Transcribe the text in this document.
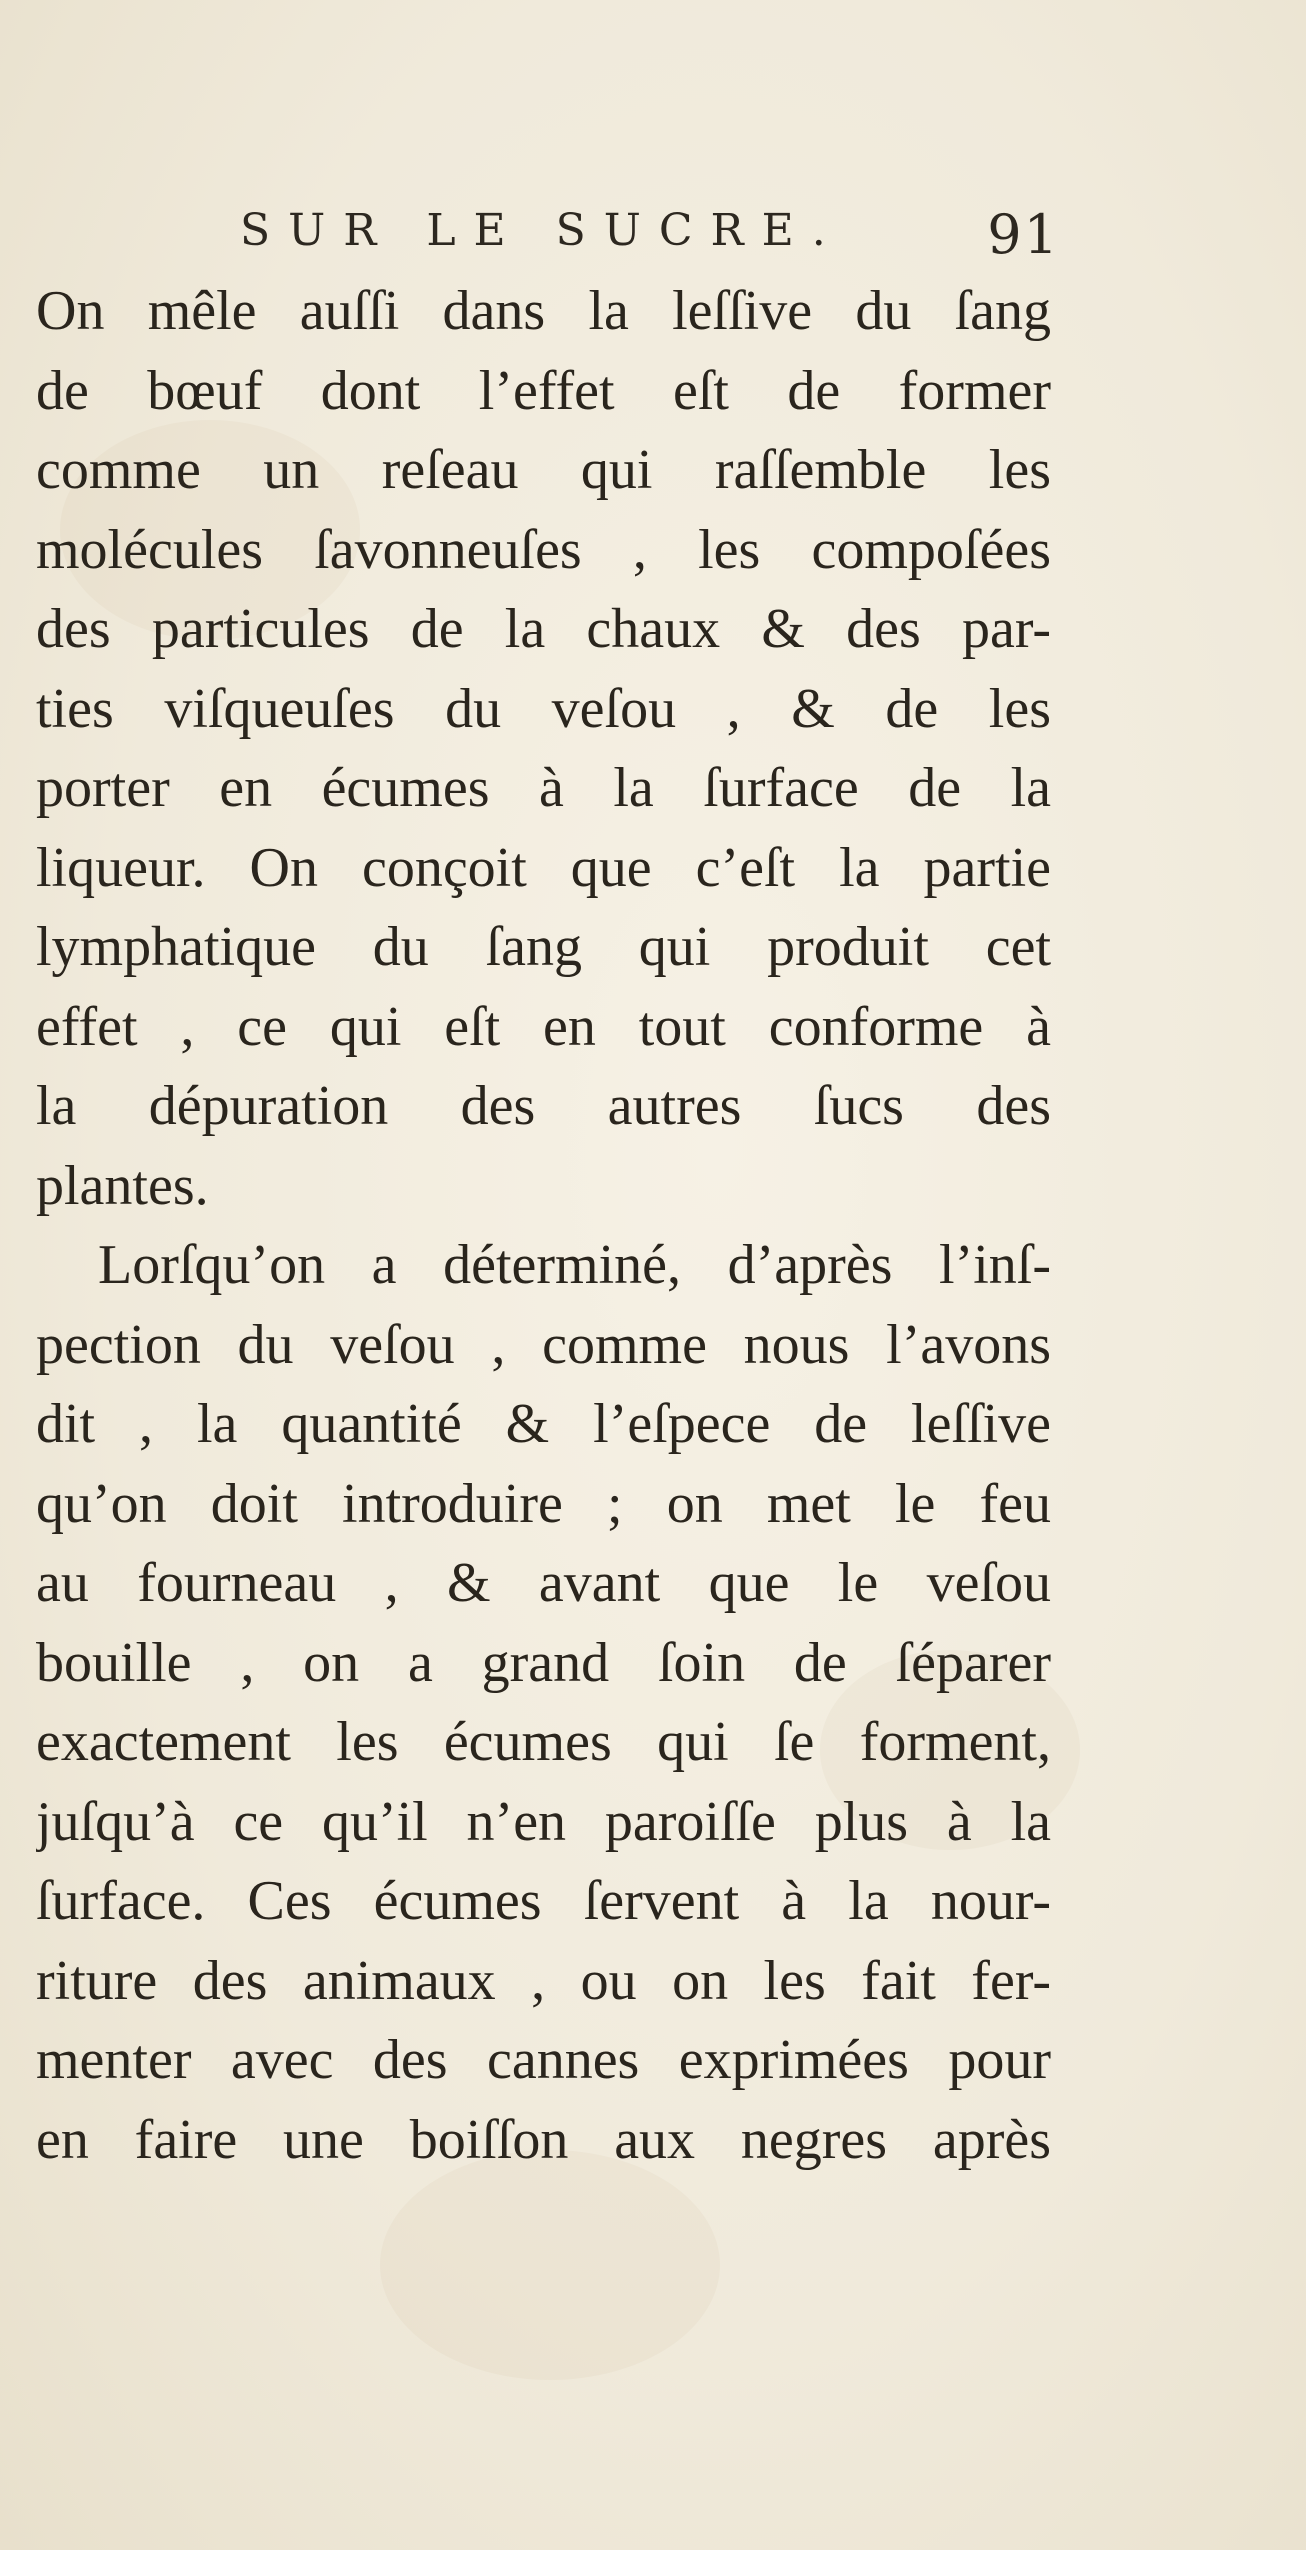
SUR LE SUCRE.	91
On mêle auſſi dans la leſſive du ſang
de bœuf dont l’effet eſt de former
comme un reſeau qui raſſemble les
molécules ſavonneuſes , les compoſées
des particules de la chaux & des par-
ties viſqueuſes du veſou , & de les
porter en écumes à la ſurface de la
liqueur. On conçoit que c’eſt la partie
lymphatique du ſang qui produit cet
effet , ce qui eſt en tout conforme à
la dépuration des autres ſucs des
plantes.
Lorſqu’on a déterminé, d’après l’inſ-
pection du veſou , comme nous l’avons
dit , la quantité & l’eſpece de leſſive
qu’on doit introduire ; on met le feu
au fourneau , & avant que le veſou
bouille , on a grand ſoin de ſéparer
exactement les écumes qui ſe forment,
juſqu’à ce qu’il n’en paroiſſe plus à la
ſurface. Ces écumes ſervent à la nour-
riture des animaux , ou on les fait fer-
menter avec des cannes exprimées pour
en faire une boiſſon aux negres après
